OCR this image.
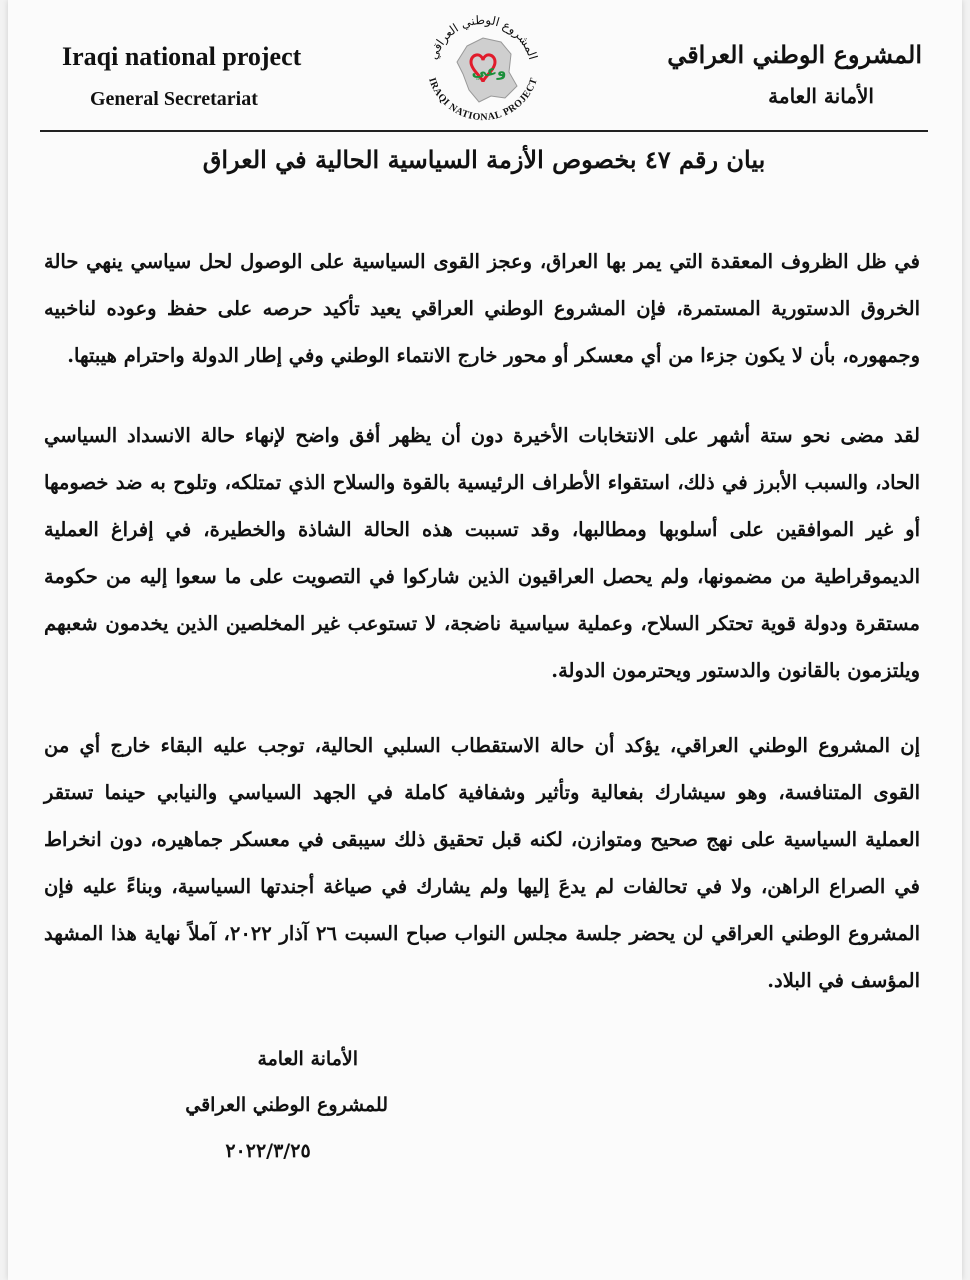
Iraqi national project
General Secretariat
المشروع الوطني العراقي
IRAQI NATIONAL PROJECT
وعي
المشروع الوطني العراقي
الأمانة العامة
بيان رقم ٤٧ بخصوص الأزمة السياسية الحالية في العراق
في ظل الظروف المعقدة التي يمر بها العراق، وعجز القوى السياسية على الوصول لحل سياسي ينهي حالة الخروق الدستورية المستمرة، فإن المشروع الوطني العراقي يعيد تأكيد حرصه على حفظ وعوده لناخبيه وجمهوره، بأن لا يكون جزءا من أي معسكر أو محور خارج الانتماء الوطني وفي إطار الدولة واحترام هيبتها.
لقد مضى نحو ستة أشهر على الانتخابات الأخيرة دون أن يظهر أفق واضح لإنهاء حالة الانسداد السياسي الحاد، والسبب الأبرز في ذلك، استقواء الأطراف الرئيسية بالقوة والسلاح الذي تمتلكه، وتلوح به ضد خصومها أو غير الموافقين على أسلوبها ومطالبها، وقد تسببت هذه الحالة الشاذة والخطيرة، في إفراغ العملية الديموقراطية من مضمونها، ولم يحصل العراقيون الذين شاركوا في التصويت على ما سعوا إليه من حكومة مستقرة ودولة قوية تحتكر السلاح، وعملية سياسية ناضجة، لا تستوعب غير المخلصين الذين يخدمون شعبهم ويلتزمون بالقانون والدستور ويحترمون الدولة.
إن المشروع الوطني العراقي، يؤكد أن حالة الاستقطاب السلبي الحالية، توجب عليه البقاء خارج أي من القوى المتنافسة، وهو سيشارك بفعالية وتأثير وشفافية كاملة في الجهد السياسي والنيابي حينما تستقر العملية السياسية على نهج صحيح ومتوازن، لكنه قبل تحقيق ذلك سيبقى في معسكر جماهيره، دون انخراط في الصراع الراهن، ولا في تحالفات لم يدعَ إليها ولم يشارك في صياغة أجندتها السياسية، وبناءً عليه فإن المشروع الوطني العراقي لن يحضر جلسة مجلس النواب صباح السبت ٢٦ آذار ٢٠٢٢، آملاً نهاية هذا المشهد المؤسف في البلاد.
الأمانة العامة
للمشروع الوطني العراقي
٢٠٢٢/٣/٢٥
